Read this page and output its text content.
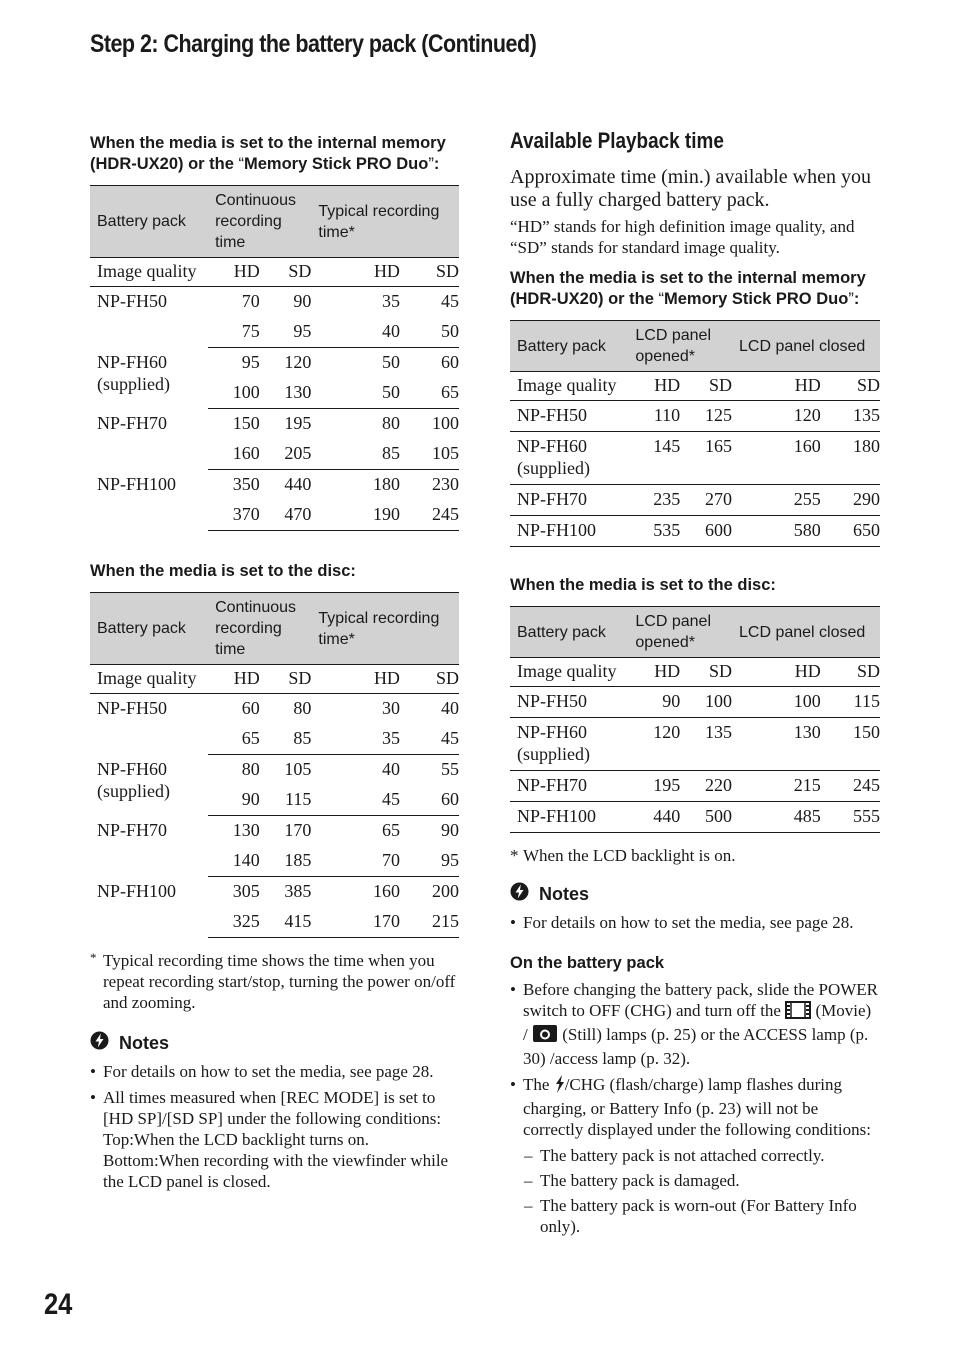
Step 2: Charging the battery pack (Continued)
When the media is set to the internal memory (HDR-UX20) or the “Memory Stick PRO Duo”:
Battery pack	Continuous recording time		Typical recording time*	
Image quality	HD	SD	HD	SD
NP-FH50	70	90	35	45
	75	95	40	50
NP-FH60 (supplied)	95	120	50	60
	100	130	50	65
NP-FH70	150	195	80	100
	160	205	85	105
NP-FH100	350	440	180	230
	370	470	190	245
When the media is set to the disc:
Battery pack	Continuous recording time		Typical recording time*	
Image quality	HD	SD	HD	SD
NP-FH50	60	80	30	40
	65	85	35	45
NP-FH60 (supplied)	80	105	40	55
	90	115	45	60
NP-FH70	130	170	65	90
	140	185	70	95
NP-FH100	305	385	160	200
	325	415	170	215
* Typical recording time shows the time when you repeat recording start/stop, turning the power on/off and zooming.
Notes
• For details on how to set the media, see page 28.
• All times measured when [REC MODE] is set to [HD SP]/[SD SP] under the following conditions:
Top:When the LCD backlight turns on.
Bottom:When recording with the viewfinder while the LCD panel is closed.
Available Playback time
Approximate time (min.) available when you use a fully charged battery pack.
“HD” stands for high definition image quality, and “SD” stands for standard image quality.
When the media is set to the internal memory (HDR-UX20) or the “Memory Stick PRO Duo”:
Battery pack	LCD panel opened*		LCD panel closed	
Image quality	HD	SD	HD	SD
NP-FH50	110	125	120	135
NP-FH60 (supplied)	145	165	160	180
NP-FH70	235	270	255	290
NP-FH100	535	600	580	650
When the media is set to the disc:
Battery pack	LCD panel opened*		LCD panel closed	
Image quality	HD	SD	HD	SD
NP-FH50	90	100	100	115
NP-FH60 (supplied)	120	135	130	150
NP-FH70	195	220	215	245
NP-FH100	440	500	485	555
* When the LCD backlight is on.
Notes
• For details on how to set the media, see page 28.
On the battery pack
• Before changing the battery pack, slide the POWER switch to OFF (CHG) and turn off the  (Movie) /  (Still) lamps (p. 25) or the ACCESS lamp (p. 30) /access lamp (p. 32).
• The /CHG (flash/charge) lamp flashes during charging, or Battery Info (p. 23) will not be correctly displayed under the following conditions:
– The battery pack is not attached correctly.
– The battery pack is damaged.
– The battery pack is worn-out (For Battery Info only).
24
